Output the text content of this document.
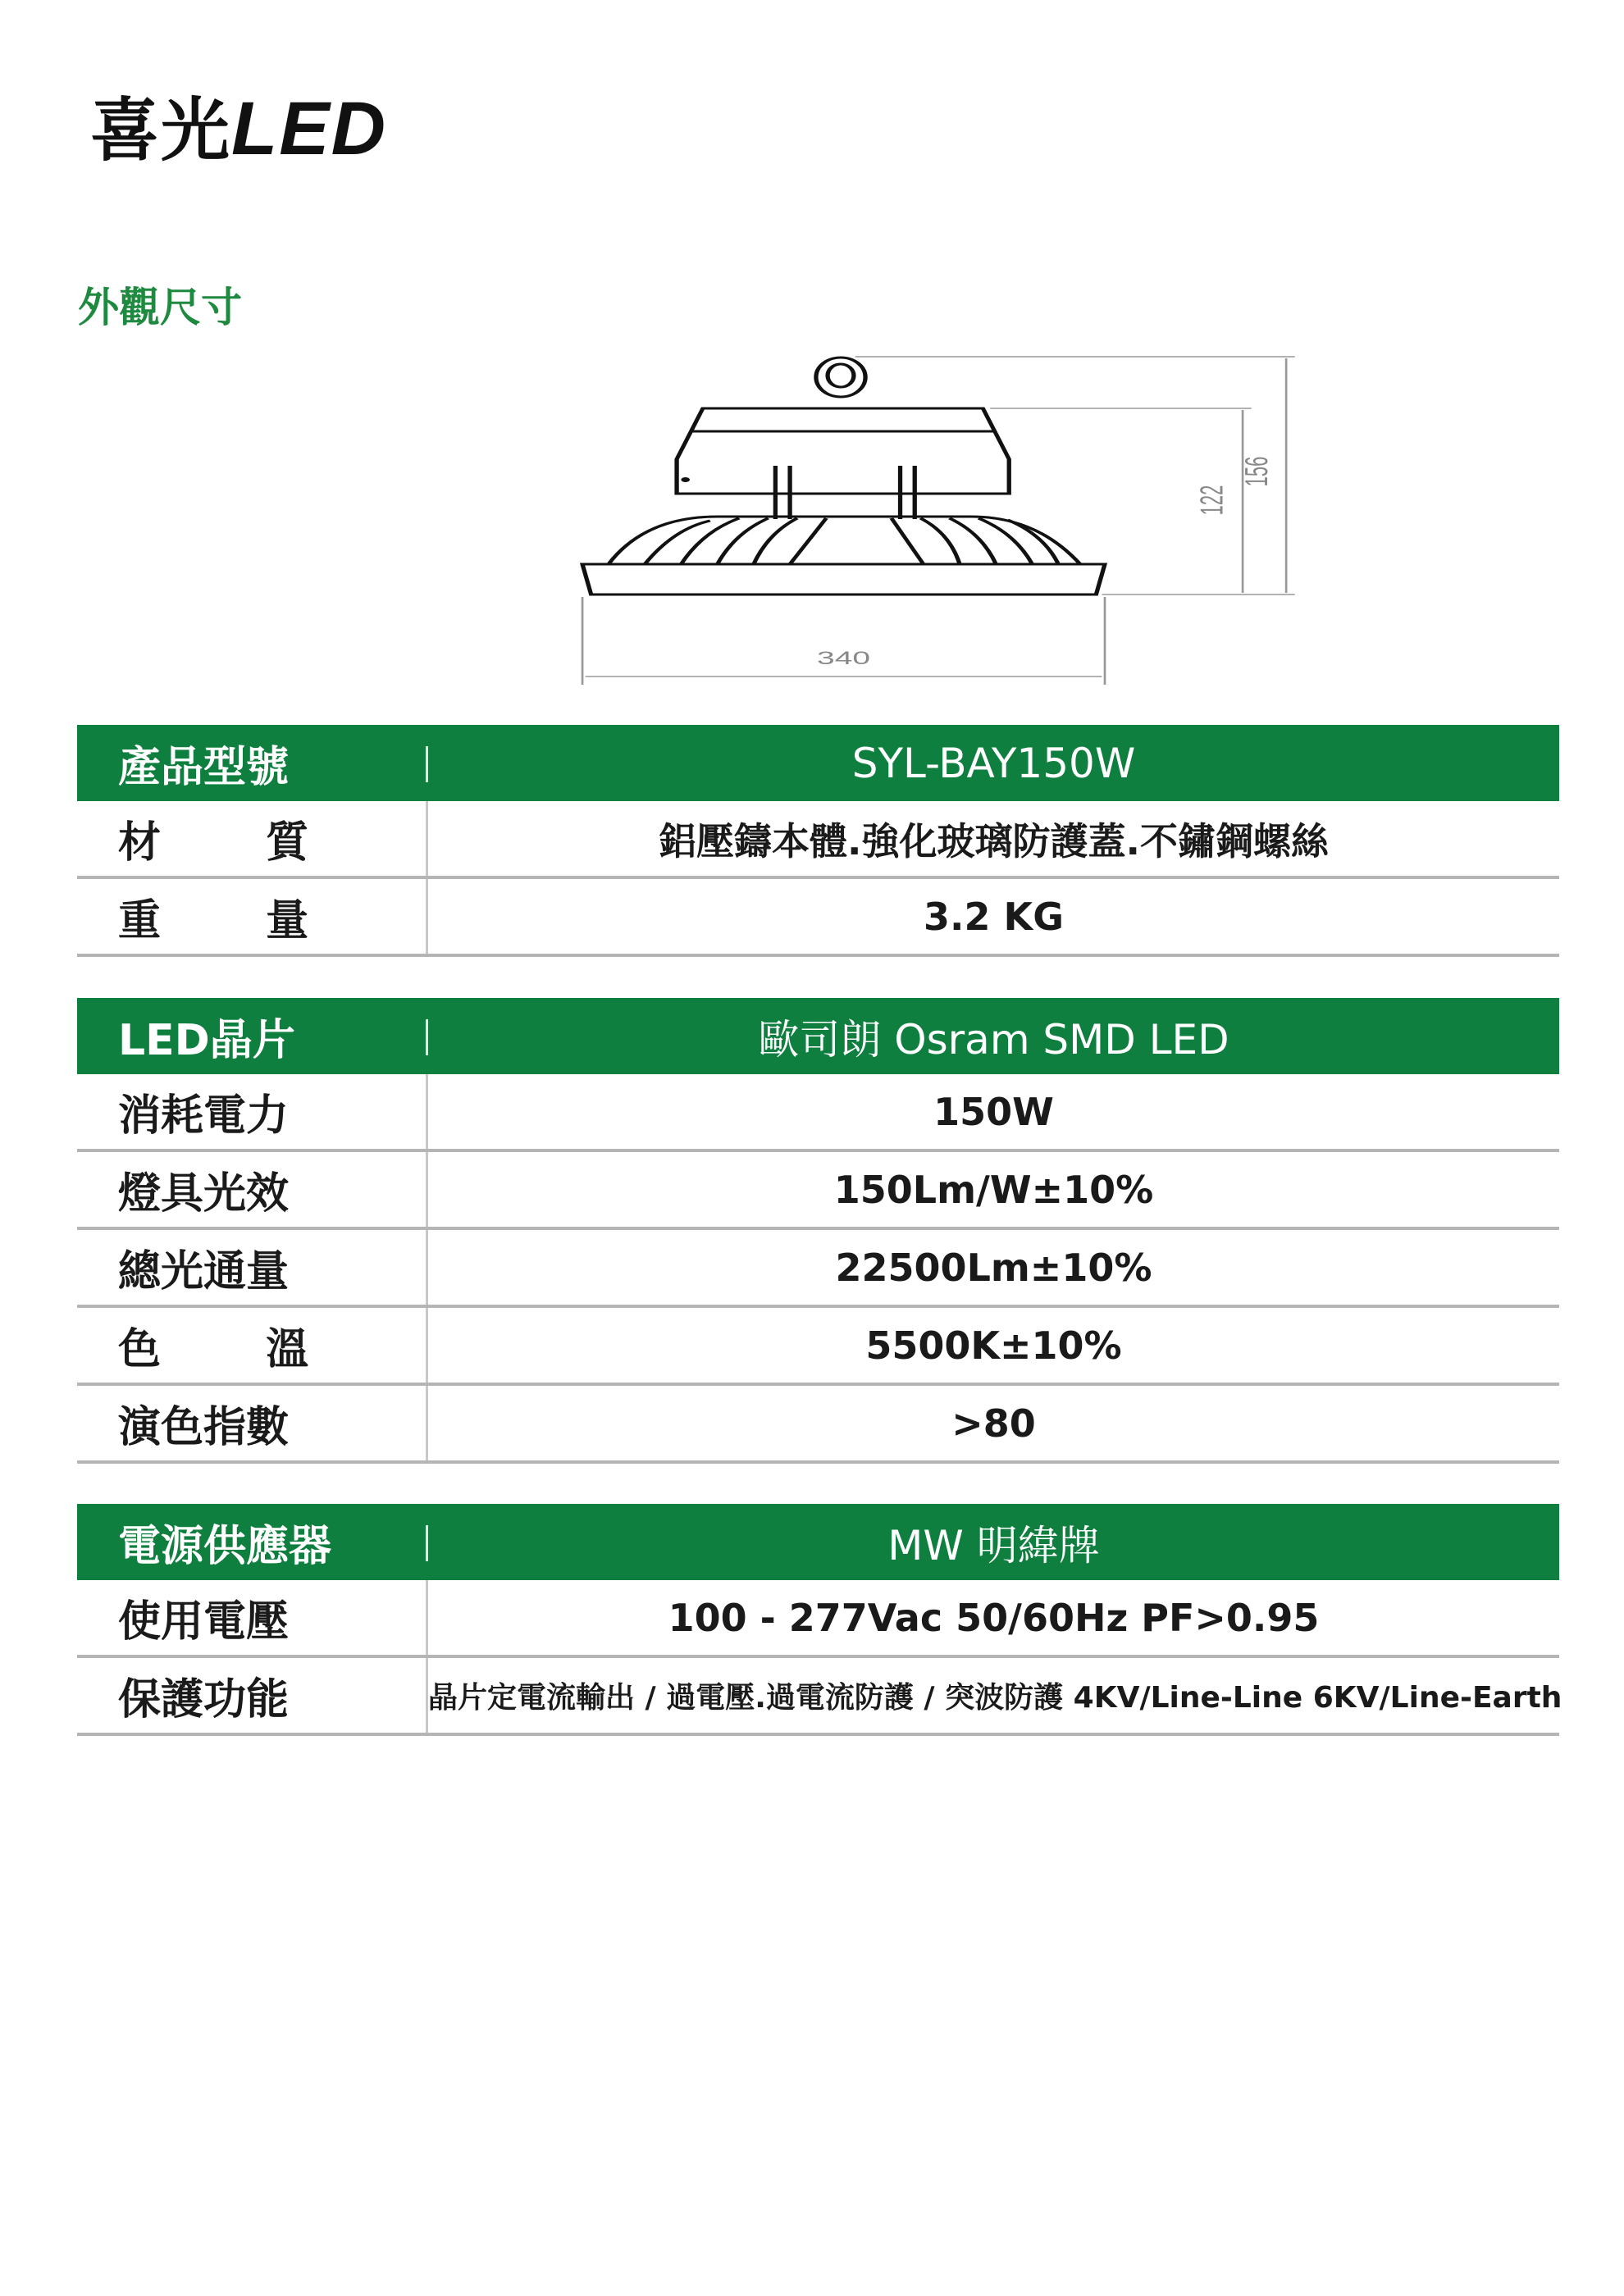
喜光LED
外觀尺寸
340
122
156
產品型號	SYL-BAY150W
材 質	鋁壓鑄本體.強化玻璃防護蓋.不鏽鋼螺絲
重 量	3.2 KG
LED晶片	歐司朗 Osram SMD LED
消耗電力	150W
燈具光效	150Lm/W±10%
總光通量	22500Lm±10%
色 溫	5500K±10%
演色指數	>80
電源供應器	MW 明緯牌
使用電壓	100 - 277Vac 50/60Hz PF>0.95
保護功能	晶片定電流輸出 / 過電壓.過電流防護 / 突波防護 4KV/Line-Line 6KV/Line-Earth
